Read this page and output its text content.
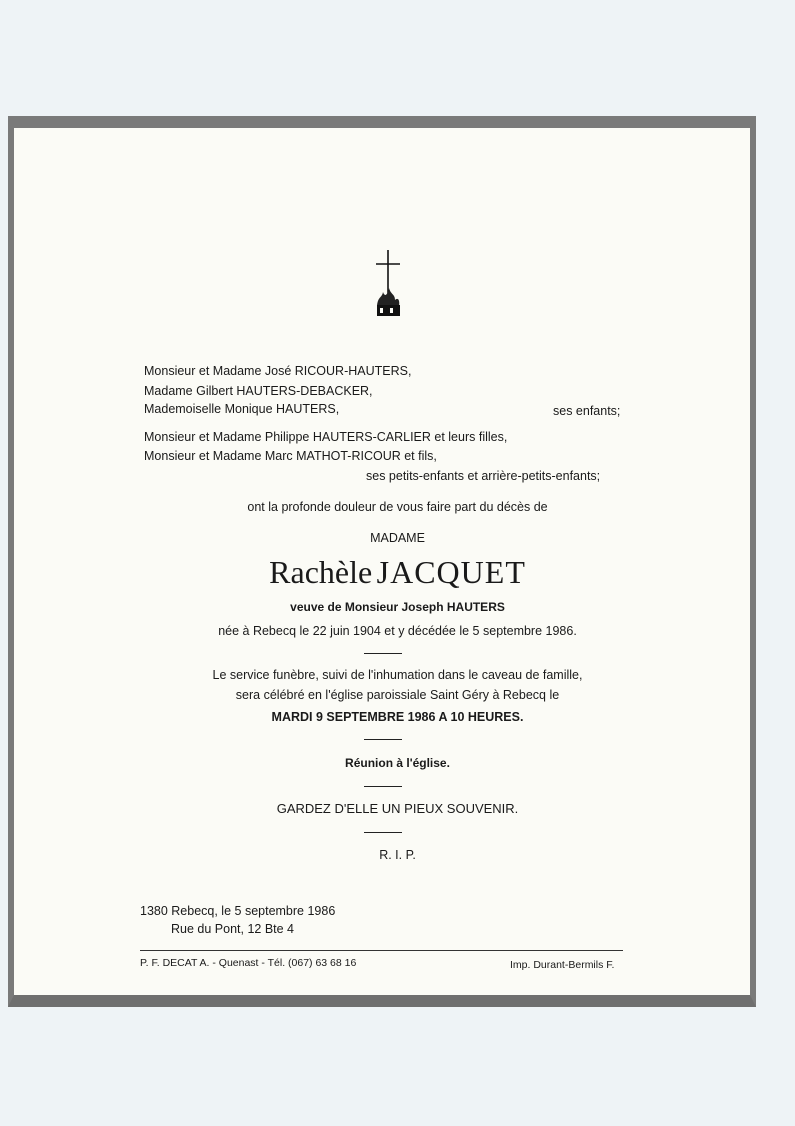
Monsieur et Madame José RICOUR-HAUTERS,
Madame Gilbert HAUTERS-DEBACKER,
Mademoiselle Monique HAUTERS,	ses enfants;
Monsieur et Madame Philippe HAUTERS-CARLIER et leurs filles,
Monsieur et Madame Marc MATHOT-RICOUR et fils,
ses petits-enfants et arrière-petits-enfants;
ont la profonde douleur de vous faire part du décès de
MADAME
Rachèle JACQUET
veuve de Monsieur Joseph HAUTERS
née à Rebecq le 22 juin 1904 et y décédée le 5 septembre 1986.
Le service funèbre, suivi de l'inhumation dans le caveau de famille,
sera célébré en l'église paroissiale Saint Géry à Rebecq le
MARDI 9 SEPTEMBRE 1986 A 10 HEURES.
Réunion à l'église.
GARDEZ D'ELLE UN PIEUX SOUVENIR.
R. I. P.
1380 Rebecq, le 5 septembre 1986
Rue du Pont, 12 Bte 4
P. F. DECAT A. - Quenast - Tél. (067) 63 68 16	Imp. Durant-Bermils F.
